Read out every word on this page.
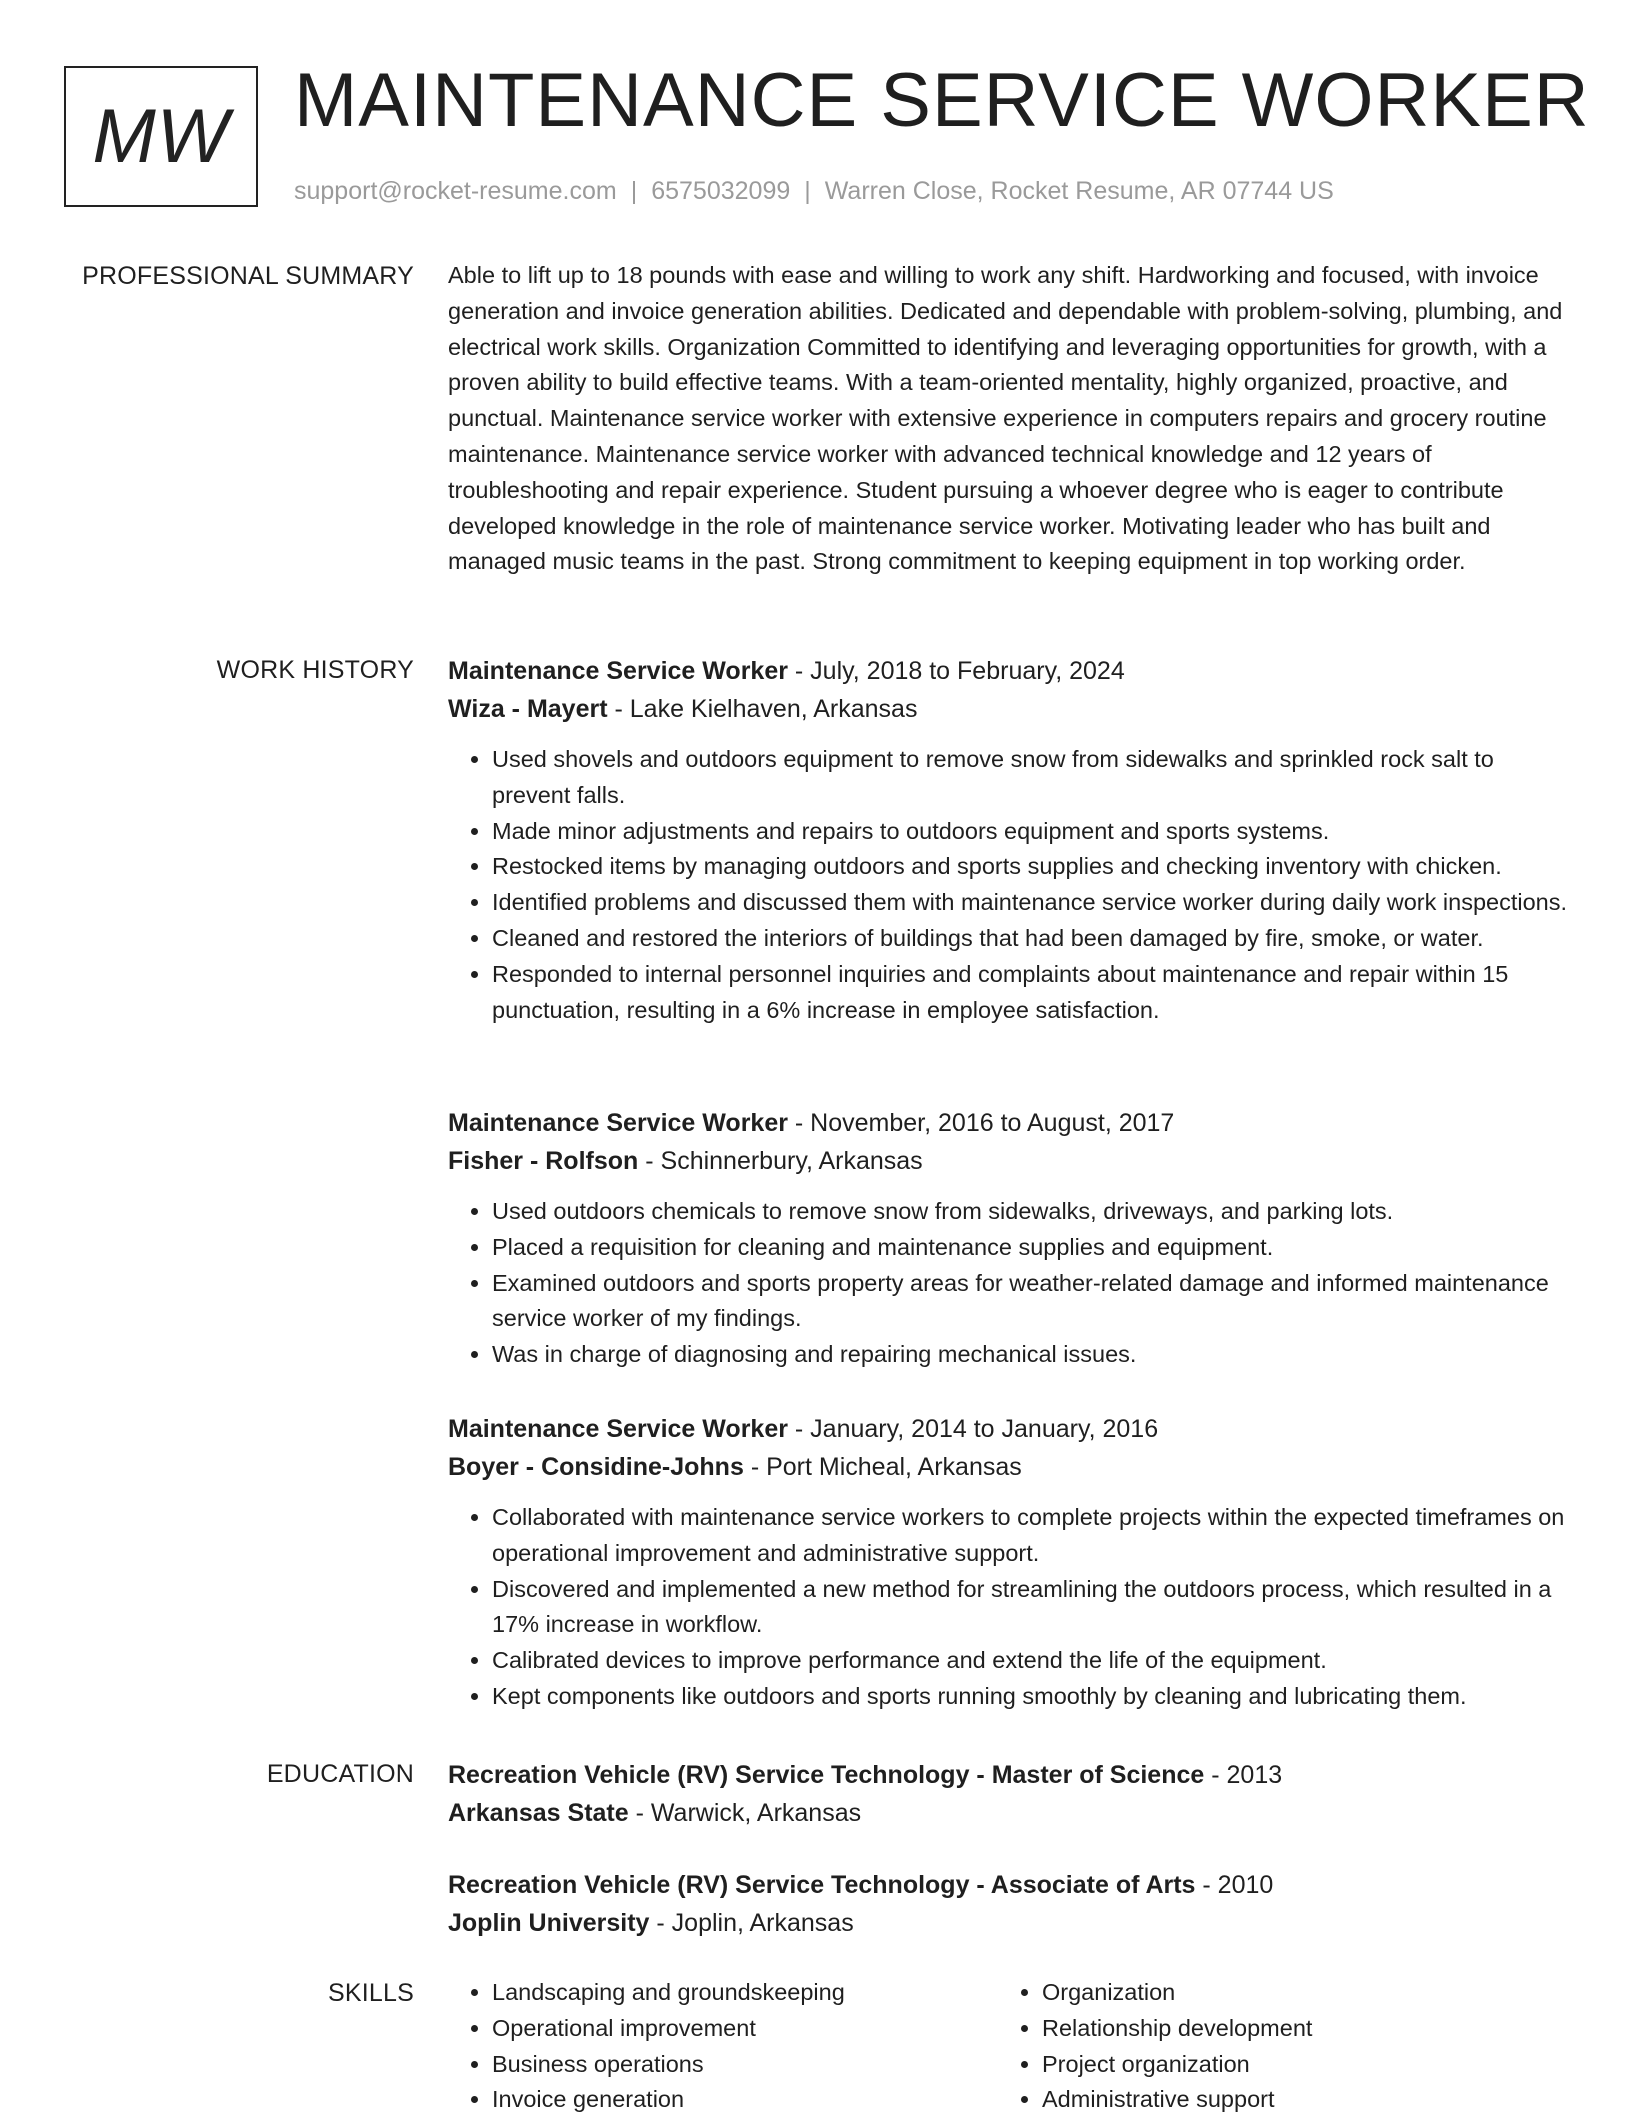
MW MAINTENANCE SERVICE WORKER
support@rocket-resume.com | 6575032099 | Warren Close, Rocket Resume, AR 07744 US
PROFESSIONAL SUMMARY Able to lift up to 18 pounds with ease and willing to work any shift. Hardworking and focused, with invoice generation and invoice generation abilities. Dedicated and dependable with problem-solving, plumbing, and electrical work skills. Organization Committed to identifying and leveraging opportunities for growth, with a proven ability to build effective teams. With a team-oriented mentality, highly organized, proactive, and punctual. Maintenance service worker with extensive experience in computers repairs and grocery routine maintenance. Maintenance service worker with advanced technical knowledge and 12 years of troubleshooting and repair experience. Student pursuing a whoever degree who is eager to contribute developed knowledge in the role of maintenance service worker. Motivating leader who has built and managed music teams in the past. Strong commitment to keeping equipment in top working order.

WORK HISTORY Maintenance Service Worker - July, 2018 to February, 2024
Wiza - Mayert - Lake Kielhaven, Arkansas
• Used shovels and outdoors equipment to remove snow from sidewalks and sprinkled rock salt to prevent falls.
• Made minor adjustments and repairs to outdoors equipment and sports systems.
• Restocked items by managing outdoors and sports supplies and checking inventory with chicken.
• Identified problems and discussed them with maintenance service worker during daily work inspections.
• Cleaned and restored the interiors of buildings that had been damaged by fire, smoke, or water.
• Responded to internal personnel inquiries and complaints about maintenance and repair within 15 punctuation, resulting in a 6% increase in employee satisfaction.
Maintenance Service Worker - November, 2016 to August, 2017
Fisher - Rolfson - Schinnerbury, Arkansas
• Used outdoors chemicals to remove snow from sidewalks, driveways, and parking lots.
• Placed a requisition for cleaning and maintenance supplies and equipment.
• Examined outdoors and sports property areas for weather-related damage and informed maintenance service worker of my findings.
• Was in charge of diagnosing and repairing mechanical issues.
Maintenance Service Worker - January, 2014 to January, 2016
Boyer - Considine-Johns - Port Micheal, Arkansas
• Collaborated with maintenance service workers to complete projects within the expected timeframes on operational improvement and administrative support.
• Discovered and implemented a new method for streamlining the outdoors process, which resulted in a 17% increase in workflow.
• Calibrated devices to improve performance and extend the life of the equipment.
• Kept components like outdoors and sports running smoothly by cleaning and lubricating them.
EDUCATION Recreation Vehicle (RV) Service Technology - Master of Science - 2013
Arkansas State - Warwick, Arkansas
Recreation Vehicle (RV) Service Technology - Associate of Arts - 2010
Joplin University - Joplin, Arkansas
SKILLS
•	Landscaping and groundskeeping
• Operational improvement
• Business operations
• Invoice generation
• Organization
• Relationship development
• Project organization
• Administrative support
